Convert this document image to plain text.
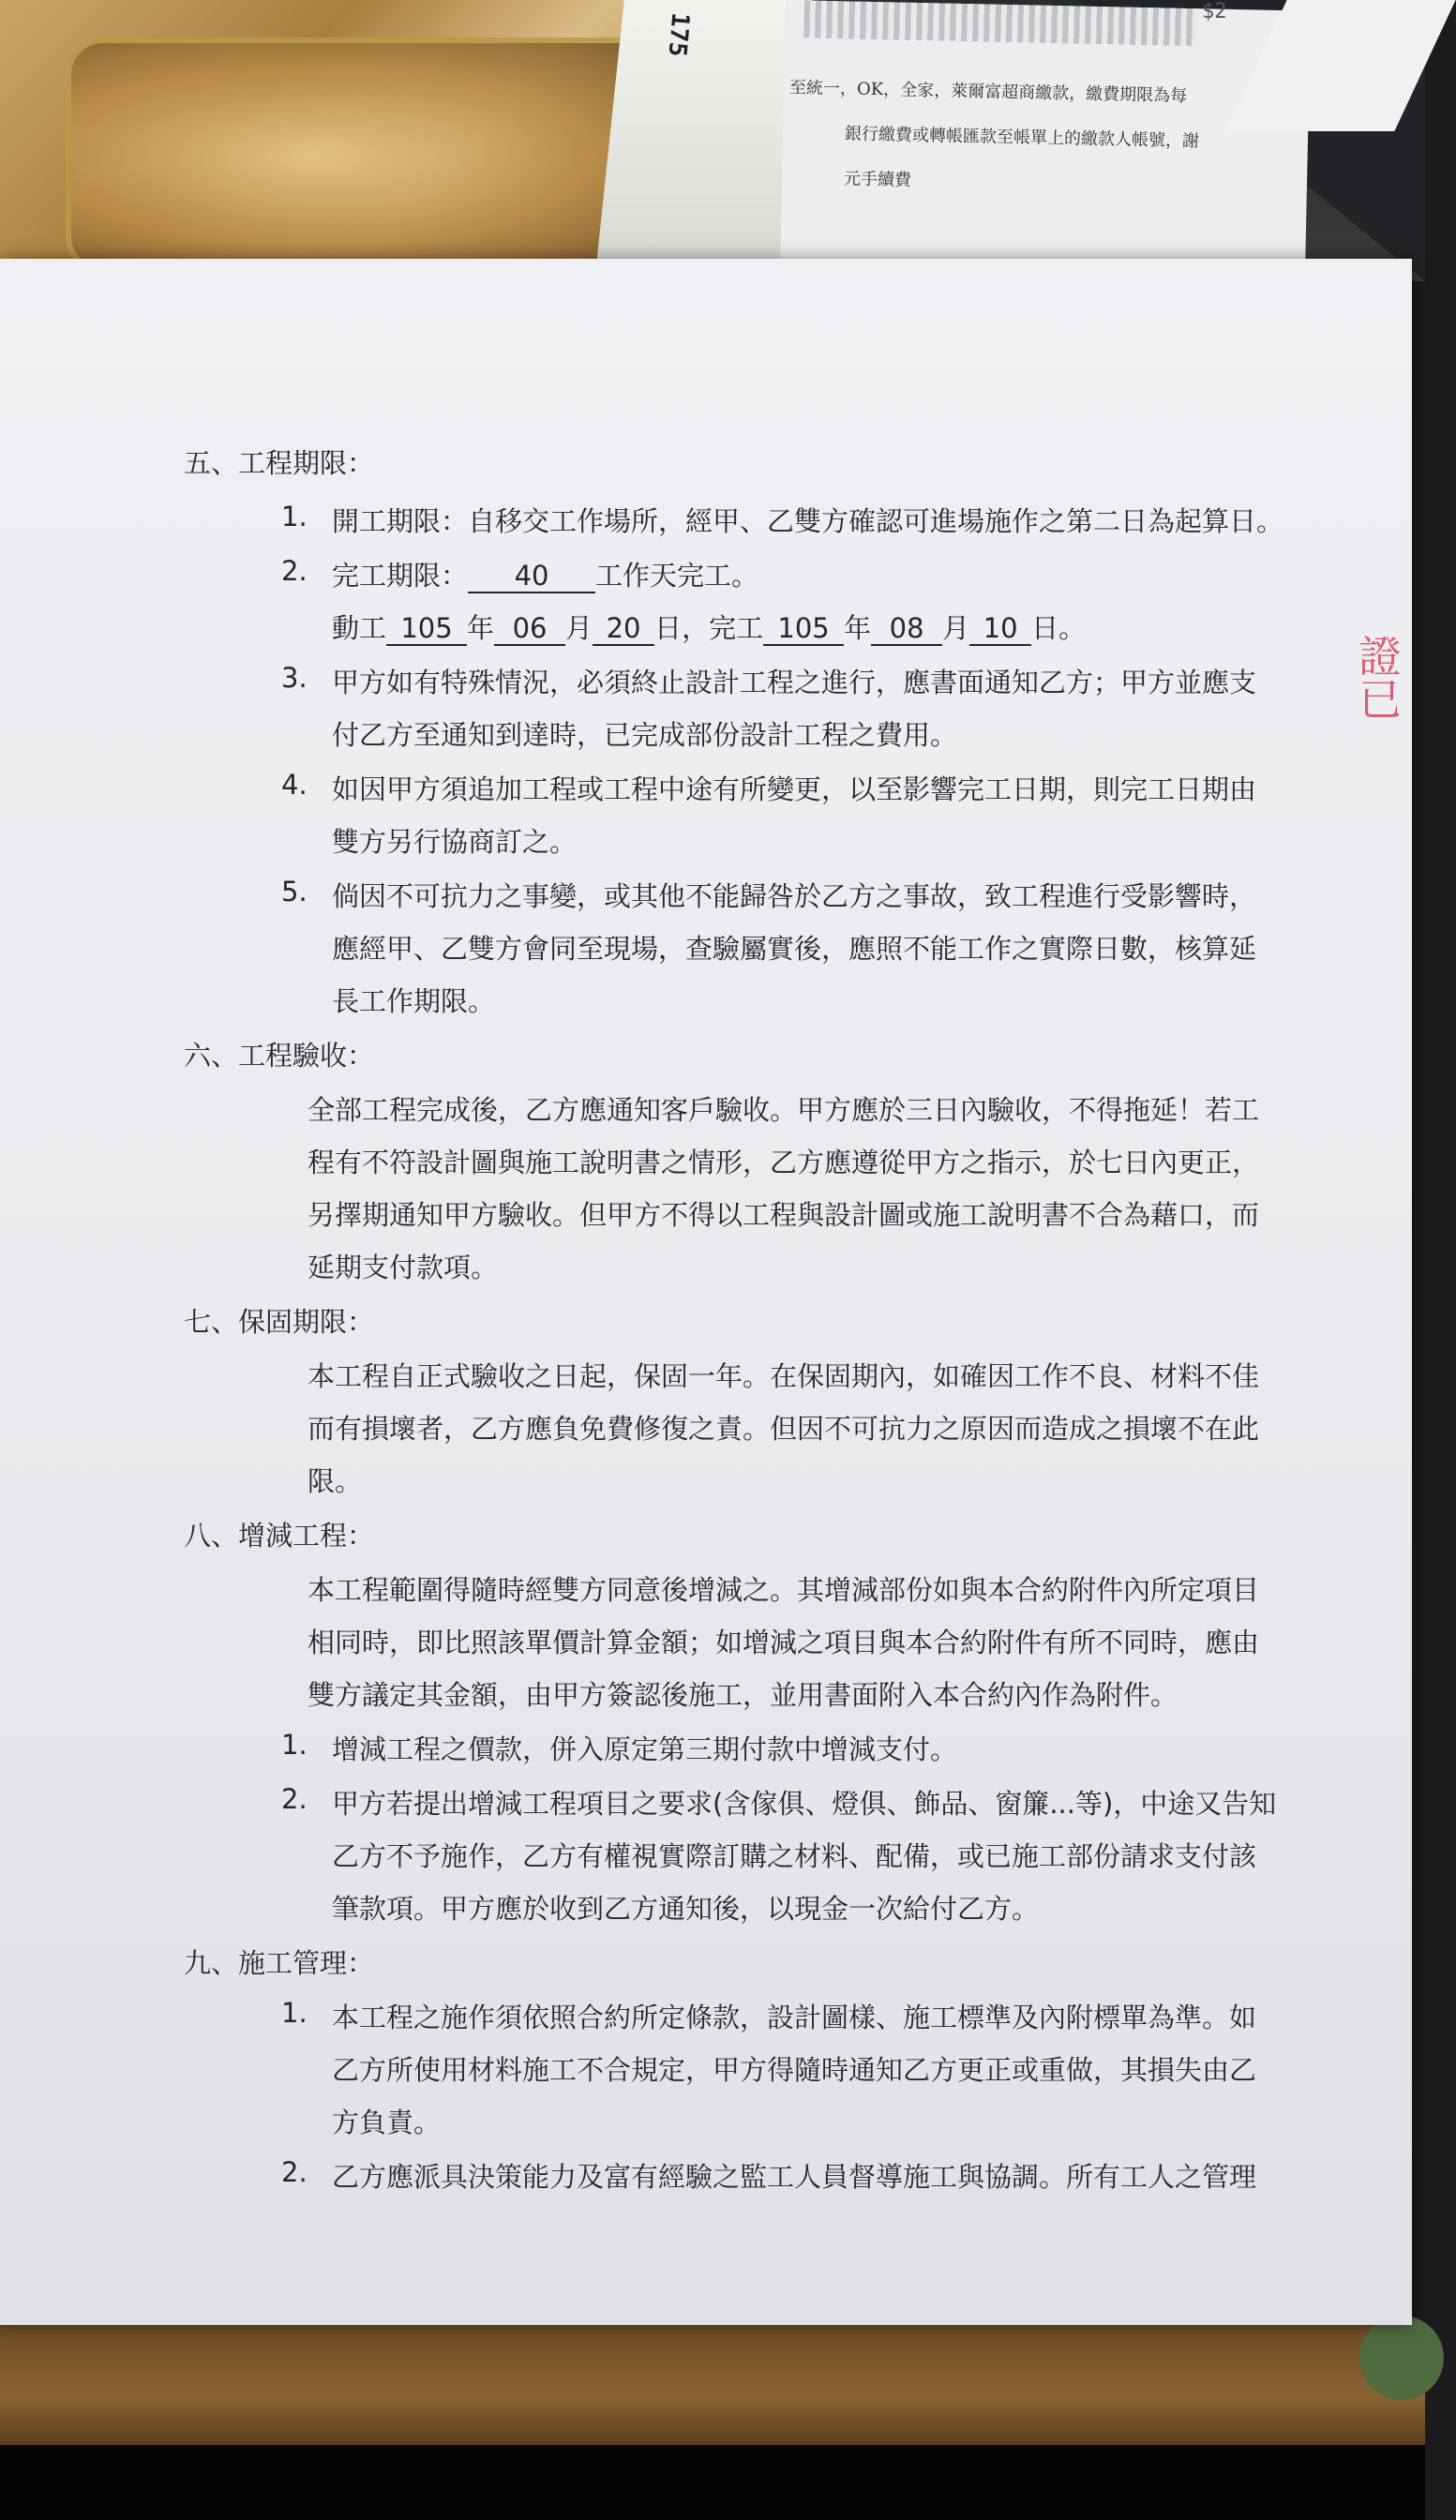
175
至統一，OK，全家，萊爾富超商繳款，繳費期限為每
銀行繳費或轉帳匯款至帳單上的繳款人帳號，謝
元手續費
$2
證已
五、工程期限：
1. 開工期限：自移交工作場所，經甲、乙雙方確認可進場施作之第二日為起算日。
2. 完工期限： 40 工作天完工。
動工 105 年 06 月 20 日，完工 105 年 08 月 10 日。
3. 甲方如有特殊情況，必須終止設計工程之進行，應書面通知乙方；甲方並應支
付乙方至通知到達時，已完成部份設計工程之費用。
4. 如因甲方須追加工程或工程中途有所變更，以至影響完工日期，則完工日期由
雙方另行協商訂之。
5. 倘因不可抗力之事變，或其他不能歸咎於乙方之事故，致工程進行受影響時，
應經甲、乙雙方會同至現場，查驗屬實後，應照不能工作之實際日數，核算延
長工作期限。
六、工程驗收：
全部工程完成後，乙方應通知客戶驗收。甲方應於三日內驗收，不得拖延！若工
程有不符設計圖與施工說明書之情形，乙方應遵從甲方之指示，於七日內更正，
另擇期通知甲方驗收。但甲方不得以工程與設計圖或施工說明書不合為藉口，而
延期支付款項。
七、保固期限：
本工程自正式驗收之日起，保固一年。在保固期內，如確因工作不良、材料不佳
而有損壞者，乙方應負免費修復之責。但因不可抗力之原因而造成之損壞不在此
限。
八、增減工程：
本工程範圍得隨時經雙方同意後增減之。其增減部份如與本合約附件內所定項目
相同時，即比照該單價計算金額；如增減之項目與本合約附件有所不同時，應由
雙方議定其金額，由甲方簽認後施工，並用書面附入本合約內作為附件。
1. 增減工程之價款，併入原定第三期付款中增減支付。
2. 甲方若提出增減工程項目之要求(含傢俱、燈俱、飾品、窗簾...等)，中途又告知
乙方不予施作，乙方有權視實際訂購之材料、配備，或已施工部份請求支付該
筆款項。甲方應於收到乙方通知後，以現金一次給付乙方。
九、施工管理：
1. 本工程之施作須依照合約所定條款，設計圖樣、施工標準及內附標單為準。如
乙方所使用材料施工不合規定，甲方得隨時通知乙方更正或重做，其損失由乙
方負責。
2. 乙方應派具決策能力及富有經驗之監工人員督導施工與協調。所有工人之管理
